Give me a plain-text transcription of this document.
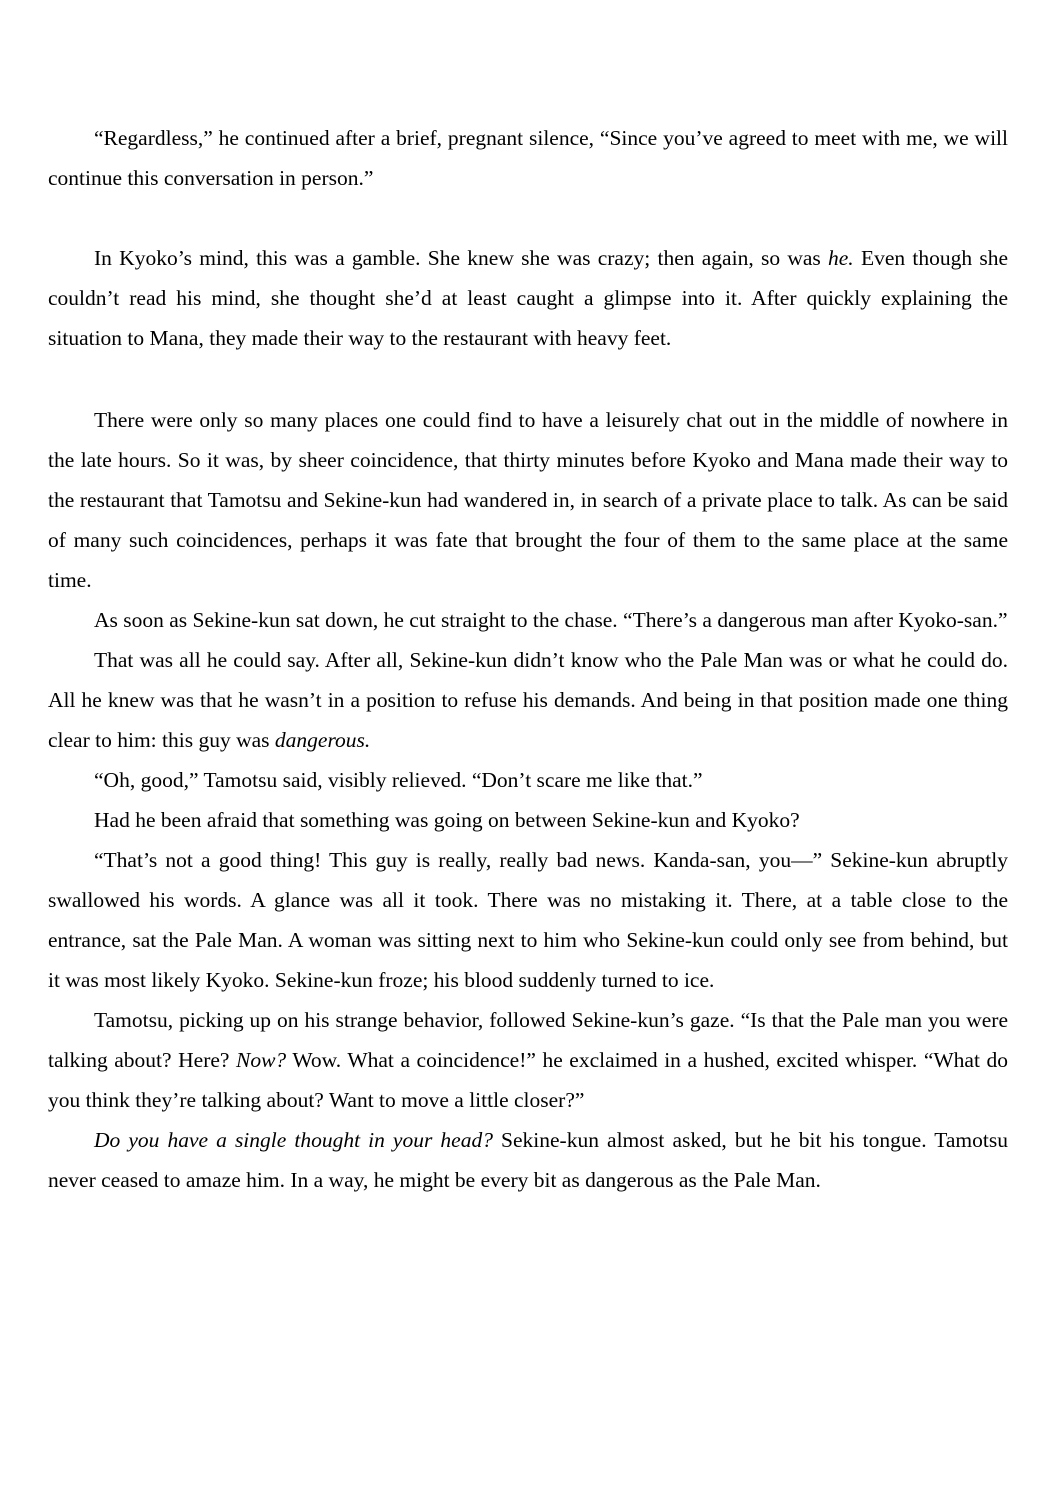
“Regardless,” he continued after a brief, pregnant silence, “Since you’ve agreed to meet with me, we will continue this conversation in person.”

In Kyoko’s mind, this was a gamble. She knew she was crazy; then again, so was he. Even though she couldn’t read his mind, she thought she’d at least caught a glimpse into it. After quickly explaining the situation to Mana, they made their way to the restaurant with heavy feet.

There were only so many places one could find to have a leisurely chat out in the middle of nowhere in the late hours. So it was, by sheer coincidence, that thirty minutes before Kyoko and Mana made their way to the restaurant that Tamotsu and Sekine-kun had wandered in, in search of a private place to talk. As can be said of many such coincidences, perhaps it was fate that brought the four of them to the same place at the same time.

As soon as Sekine-kun sat down, he cut straight to the chase. “There’s a dangerous man after Kyoko-san.”

That was all he could say. After all, Sekine-kun didn’t know who the Pale Man was or what he could do. All he knew was that he wasn’t in a position to refuse his demands. And being in that position made one thing clear to him: this guy was dangerous.

“Oh, good,” Tamotsu said, visibly relieved. “Don’t scare me like that.”

Had he been afraid that something was going on between Sekine-kun and Kyoko?

“That’s not a good thing! This guy is really, really bad news. Kanda-san, you—” Sekine-kun abruptly swallowed his words. A glance was all it took. There was no mistaking it. There, at a table close to the entrance, sat the Pale Man. A woman was sitting next to him who Sekine-kun could only see from behind, but it was most likely Kyoko. Sekine-kun froze; his blood suddenly turned to ice.

Tamotsu, picking up on his strange behavior, followed Sekine-kun’s gaze. “Is that the Pale man you were talking about? Here? Now? Wow. What a coincidence!” he exclaimed in a hushed, excited whisper. “What do you think they’re talking about? Want to move a little closer?”

Do you have a single thought in your head? Sekine-kun almost asked, but he bit his tongue. Tamotsu never ceased to amaze him. In a way, he might be every bit as dangerous as the Pale Man.
